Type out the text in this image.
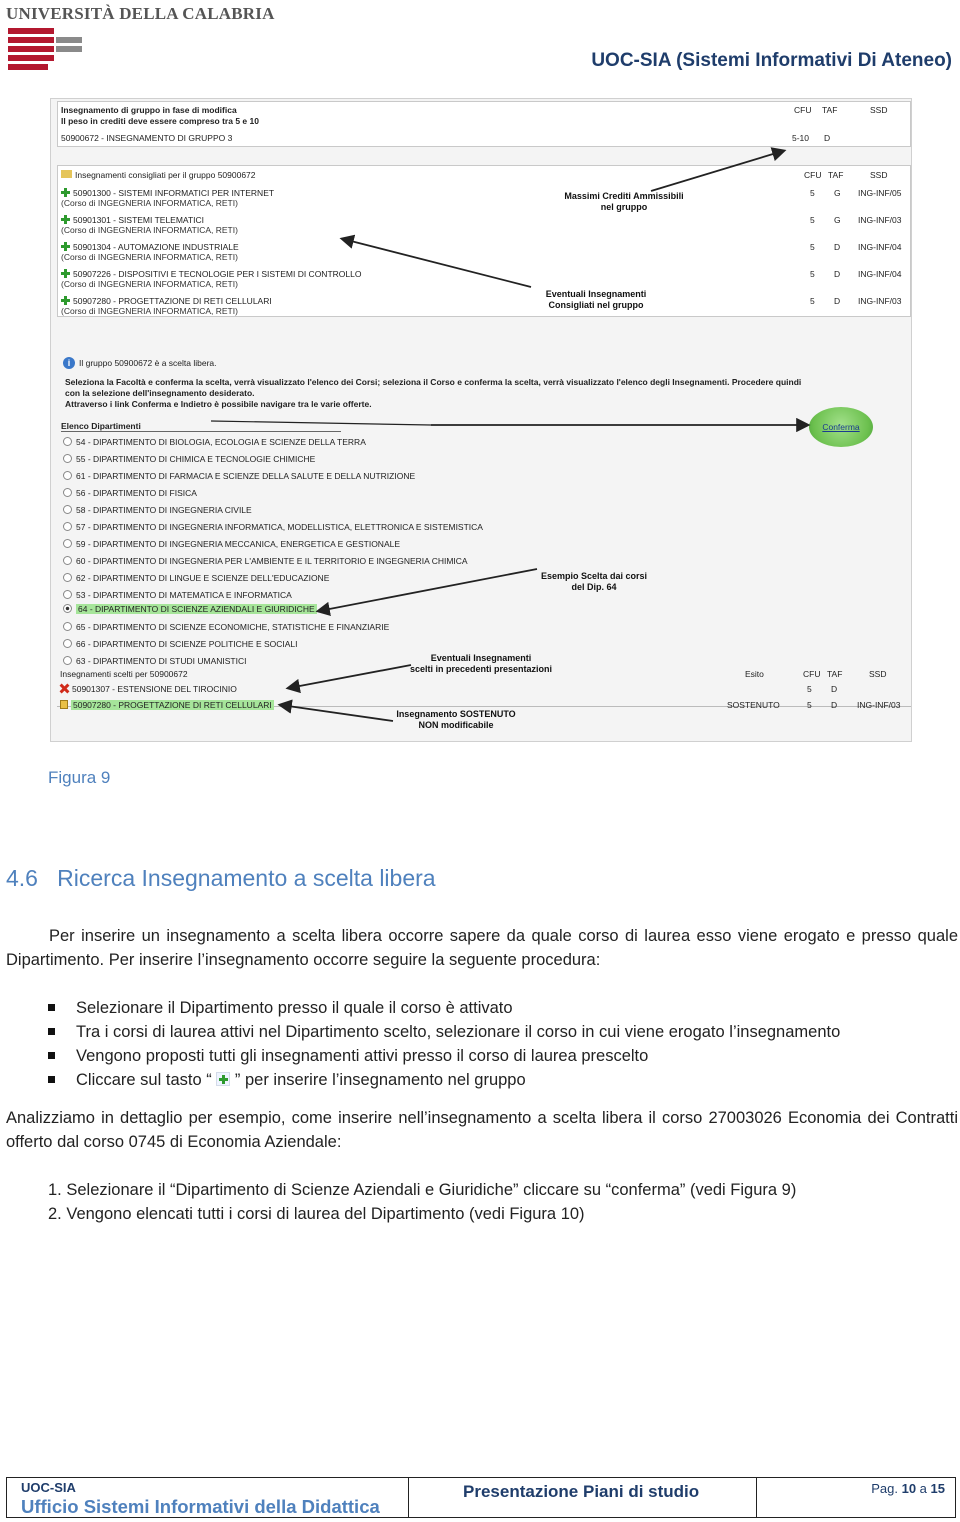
UNIVERSITÀ DELLA CALABRIA
UOC-SIA (Sistemi Informativi Di Ateneo)
Insegnamento di gruppo in fase di modifica
Il peso in crediti deve essere compreso tra 5 e 10
50900672 - INSEGNAMENTO DI GRUPPO 3
CFU TAF	SSD
5-10 D
Insegnamenti consigliati per il gruppo 50900672	CFU TAF	SSD
50901300 - SISTEMI INFORMATICI PER INTERNET
(Corso di INGEGNERIA INFORMATICA, RETI)
5 G ING-INF/05
50901301 - SISTEMI TELEMATICI
(Corso di INGEGNERIA INFORMATICA, RETI)
5 G ING-INF/03
50901304 - AUTOMAZIONE INDUSTRIALE
(Corso di INGEGNERIA INFORMATICA, RETI)
5 D ING-INF/04
50907226 - DISPOSITIVI E TECNOLOGIE PER I SISTEMI DI CONTROLLO
(Corso di INGEGNERIA INFORMATICA, RETI)
5 D ING-INF/04
50907280 - PROGETTAZIONE DI RETI CELLULARI
(Corso di INGEGNERIA INFORMATICA, RETI)
5 D ING-INF/03
i Il gruppo 50900672 è a scelta libera.
Seleziona la Facoltà e conferma la scelta, verrà visualizzato l'elenco dei Corsi; seleziona il Corso e conferma la scelta, verrà visualizzato l'elenco degli Insegnamenti. Procedere quindi
con la selezione dell'insegnamento desiderato.
Attraverso i link Conferma e Indietro è possibile navigare tra le varie offerte.
Elenco Dipartimenti	Conferma
54 - DIPARTIMENTO DI BIOLOGIA, ECOLOGIA E SCIENZE DELLA TERRA
55 - DIPARTIMENTO DI CHIMICA E TECNOLOGIE CHIMICHE
61 - DIPARTIMENTO DI FARMACIA E SCIENZE DELLA SALUTE E DELLA NUTRIZIONE
56 - DIPARTIMENTO DI FISICA
58 - DIPARTIMENTO DI INGEGNERIA CIVILE
57 - DIPARTIMENTO DI INGEGNERIA INFORMATICA, MODELLISTICA, ELETTRONICA E SISTEMISTICA
59 - DIPARTIMENTO DI INGEGNERIA MECCANICA, ENERGETICA E GESTIONALE
60 - DIPARTIMENTO DI INGEGNERIA PER L'AMBIENTE E IL TERRITORIO E INGEGNERIA CHIMICA
62 - DIPARTIMENTO DI LINGUE E SCIENZE DELL'EDUCAZIONE
53 - DIPARTIMENTO DI MATEMATICA E INFORMATICA
64 - DIPARTIMENTO DI SCIENZE AZIENDALI E GIURIDICHE
65 - DIPARTIMENTO DI SCIENZE ECONOMICHE, STATISTICHE E FINANZIARIE
66 - DIPARTIMENTO DI SCIENZE POLITICHE E SOCIALI
63 - DIPARTIMENTO DI STUDI UMANISTICI
Insegnamenti scelti per 50900672	Esito	CFU TAF	SSD
50901307 - ESTENSIONE DEL TIROCINIO	5 D
50907280 - PROGETTAZIONE DI RETI CELLULARI	SOSTENUTO	5 D ING-INF/03
Massimi Crediti Ammissibili
nel gruppo
Eventuali Insegnamenti
Consigliati nel gruppo
Esempio Scelta dai corsi
del Dip. 64
Eventuali Insegnamenti
scelti in precedenti presentazioni
Insegnamento SOSTENUTO
NON modificabile
Figura 9
4.6 Ricerca Insegnamento a scelta libera
Per inserire un insegnamento a scelta libera occorre sapere da quale corso di laurea esso viene erogato e presso quale Dipartimento. Per inserire l’insegnamento occorre seguire la seguente procedura:
Selezionare il Dipartimento presso il quale il corso è attivato
Tra i corsi di laurea attivi nel Dipartimento scelto, selezionare il corso in cui viene erogato l’insegnamento
Vengono proposti tutti gli insegnamenti attivi presso il corso di laurea prescelto
Cliccare sul tasto “ ” per inserire l’insegnamento nel gruppo
Analizziamo in dettaglio per esempio, come inserire nell’insegnamento a scelta libera il corso 27003026 Economia dei Contratti offerto dal corso 0745 di Economia Aziendale:
1. Selezionare il “Dipartimento di Scienze Aziendali e Giuridiche” cliccare su “conferma” (vedi Figura 9)
2. Vengono elencati tutti i corsi di laurea del Dipartimento (vedi Figura 10)
UOC-SIA
Ufficio Sistemi Informativi della Didattica
Presentazione Piani di studio	Pag. 10 a 15
